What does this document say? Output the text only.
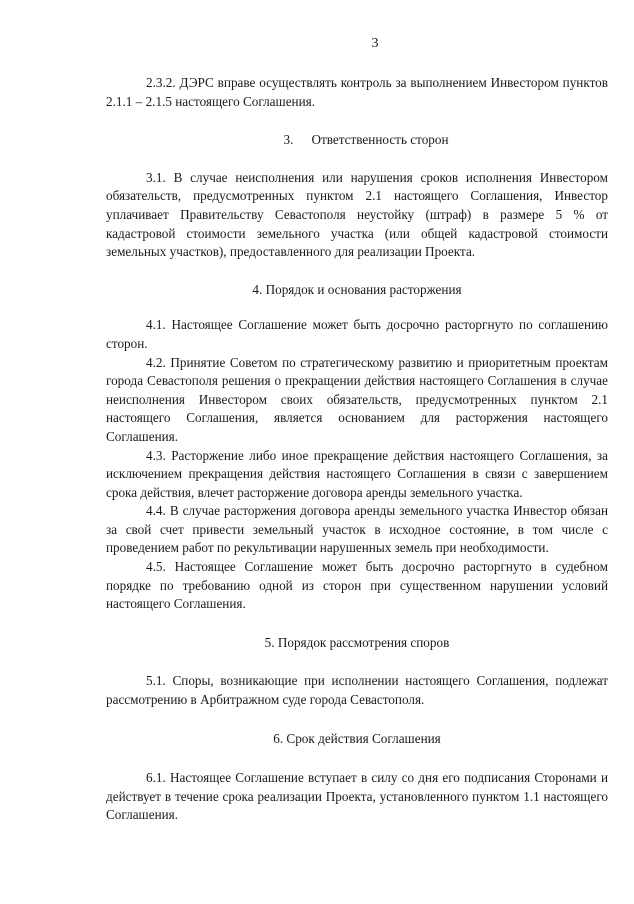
3

2.3.2. ДЭРС вправе осуществлять контроль за выполнением Инвестором пунктов 2.1.1 – 2.1.5 настоящего Соглашения.

3. Ответственность сторон

3.1. В случае неисполнения или нарушения сроков исполнения Инвестором обязательств, предусмотренных пунктом 2.1 настоящего Соглашения, Инвестор уплачивает Правительству Севастополя неустойку (штраф) в размере 5 % от кадастровой стоимости земельного участка (или общей кадастровой стоимости земельных участков), предоставленного для реализации Проекта.

4. Порядок и основания расторжения

4.1. Настоящее Соглашение может быть досрочно расторгнуто по соглашению сторон.

4.2. Принятие Советом по стратегическому развитию и приоритетным проектам города Севастополя решения о прекращении действия настоящего Соглашения в случае неисполнения Инвестором своих обязательств, предусмотренных пунктом 2.1 настоящего Соглашения, является основанием для расторжения настоящего Соглашения.

4.3. Расторжение либо иное прекращение действия настоящего Соглашения, за исключением прекращения действия настоящего Соглашения в связи с завершением срока действия, влечет расторжение договора аренды земельного участка.

4.4. В случае расторжения договора аренды земельного участка Инвестор обязан за свой счет привести земельный участок в исходное состояние, в том числе с проведением работ по рекультивации нарушенных земель при необходимости.

4.5. Настоящее Соглашение может быть досрочно расторгнуто в судебном порядке по требованию одной из сторон при существенном нарушении условий настоящего Соглашения.

5. Порядок рассмотрения споров

5.1. Споры, возникающие при исполнении настоящего Соглашения, подлежат рассмотрению в Арбитражном суде города Севастополя.

6. Срок действия Соглашения

6.1. Настоящее Соглашение вступает в силу со дня его подписания Сторонами и действует в течение срока реализации Проекта, установленного пунктом 1.1 настоящего Соглашения.
